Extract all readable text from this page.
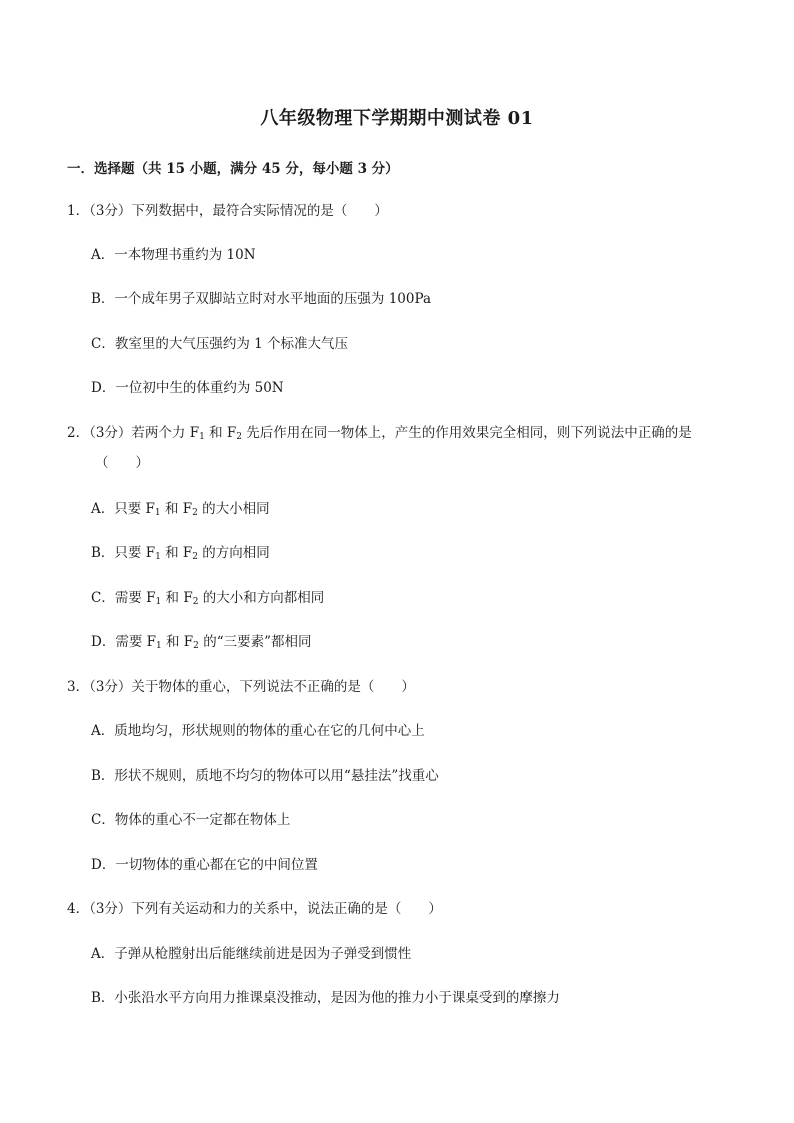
八年级物理下学期期中测试卷 01
一．选择题（共 15 小题，满分 45 分，每小题 3 分）
1．（3分）下列数据中，最符合实际情况的是（　　）
A．一本物理书重约为 10N
B．一个成年男子双脚站立时对水平地面的压强为 100Pa
C．教室里的大气压强约为 1 个标准大气压
D．一位初中生的体重约为 50N
2．（3分）若两个力 $F_1$ 和 $F_2$ 先后作用在同一物体上，产生的作用效果完全相同，则下列说法中正确的是
（　　）
A．只要 $F_1$ 和 $F_2$ 的大小相同
B．只要 $F_1$ 和 $F_2$ 的方向相同
C．需要 $F_1$ 和 $F_2$ 的大小和方向都相同
D．需要 $F_1$ 和 $F_2$ 的“三要素”都相同
3．（3分）关于物体的重心，下列说法不正确的是（　　）
A．质地均匀，形状规则的物体的重心在它的几何中心上
B．形状不规则，质地不均匀的物体可以用“悬挂法”找重心
C．物体的重心不一定都在物体上
D．一切物体的重心都在它的中间位置
4．（3分）下列有关运动和力的关系中，说法正确的是（　　）
A．子弹从枪膛射出后能继续前进是因为子弹受到惯性
B．小张沿水平方向用力推课桌没推动，是因为他的推力小于课桌受到的摩擦力
